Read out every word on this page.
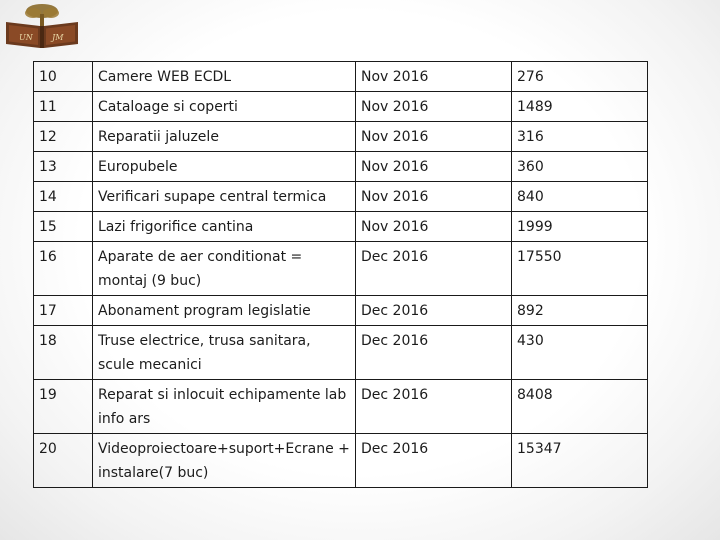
UN JM
10	Camere WEB ECDL	Nov 2016	276
11	Cataloage si coperti	Nov 2016	1489
12	Reparatii jaluzele	Nov 2016	316
13	Europubele	Nov 2016	360
14	Verificari supape central termica	Nov 2016	840
15	Lazi frigorifice cantina	Nov 2016	1999
16	Aparate de aer conditionat = montaj (9 buc)	Dec 2016	17550
17	Abonament program legislatie	Dec 2016	892
18	Truse electrice, trusa sanitara, scule mecanici	Dec 2016	430
19	Reparat si inlocuit echipamente lab info ars	Dec 2016	8408
20	Videoproiectoare+suport+Ecrane + instalare(7 buc)	Dec 2016	15347
